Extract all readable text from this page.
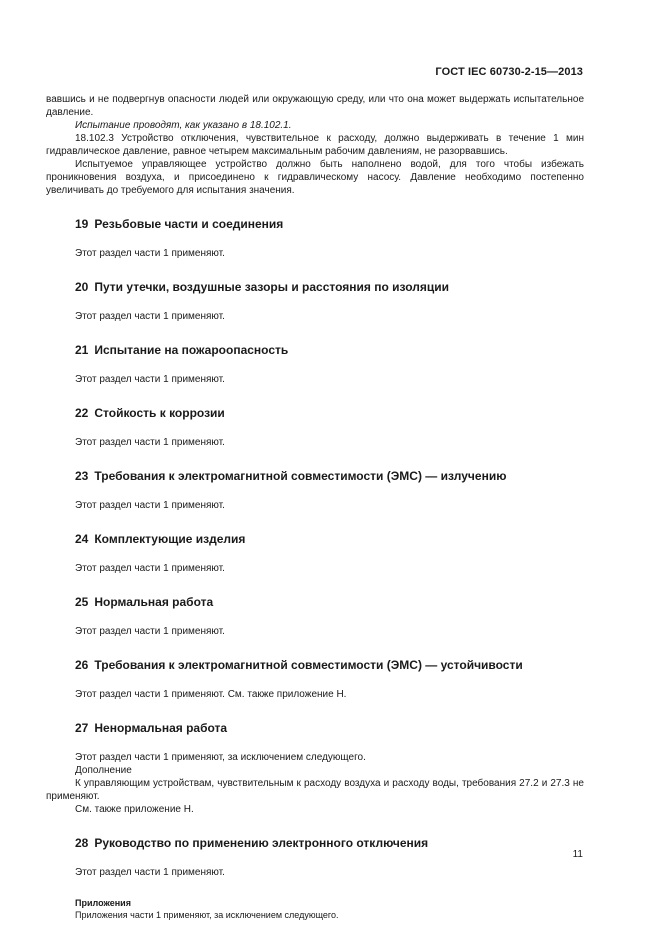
ГОСТ IEC 60730-2-15—2013

вавшись и не подвергнув опасности людей или окружающую среду, или что она может выдержать испытательное давление.

Испытание проводят, как указано в 18.102.1.

18.102.3 Устройство отключения, чувствительное к расходу, должно выдерживать в течение 1 мин гидравлическое давление, равное четырем максимальным рабочим давлениям, не разорвавшись.

Испытуемое управляющее устройство должно быть наполнено водой, для того чтобы избежать проникновения воздуха, и присоединено к гидравлическому насосу. Давление необходимо постепенно увеличивать до требуемого для испытания значения.

19 Резьбовые части и соединения

Этот раздел части 1 применяют.

20 Пути утечки, воздушные зазоры и расстояния по изоляции

Этот раздел части 1 применяют.

21 Испытание на пожароопасность

Этот раздел части 1 применяют.

22 Стойкость к коррозии

Этот раздел части 1 применяют.

23 Требования к электромагнитной совместимости (ЭМС) — излучению

Этот раздел части 1 применяют.

24 Комплектующие изделия

Этот раздел части 1 применяют.

25 Нормальная работа

Этот раздел части 1 применяют.

26 Требования к электромагнитной совместимости (ЭМС) — устойчивости

Этот раздел части 1 применяют. См. также приложение Н.

27 Ненормальная работа

Этот раздел части 1 применяют, за исключением следующего.

Дополнение

К управляющим устройствам, чувствительным к расходу воздуха и расходу воды, требования 27.2 и 27.3 не применяют.

См. также приложение Н.

28 Руководство по применению электронного отключения

Этот раздел части 1 применяют.

Приложения

Приложения части 1 применяют, за исключением следующего.

11
